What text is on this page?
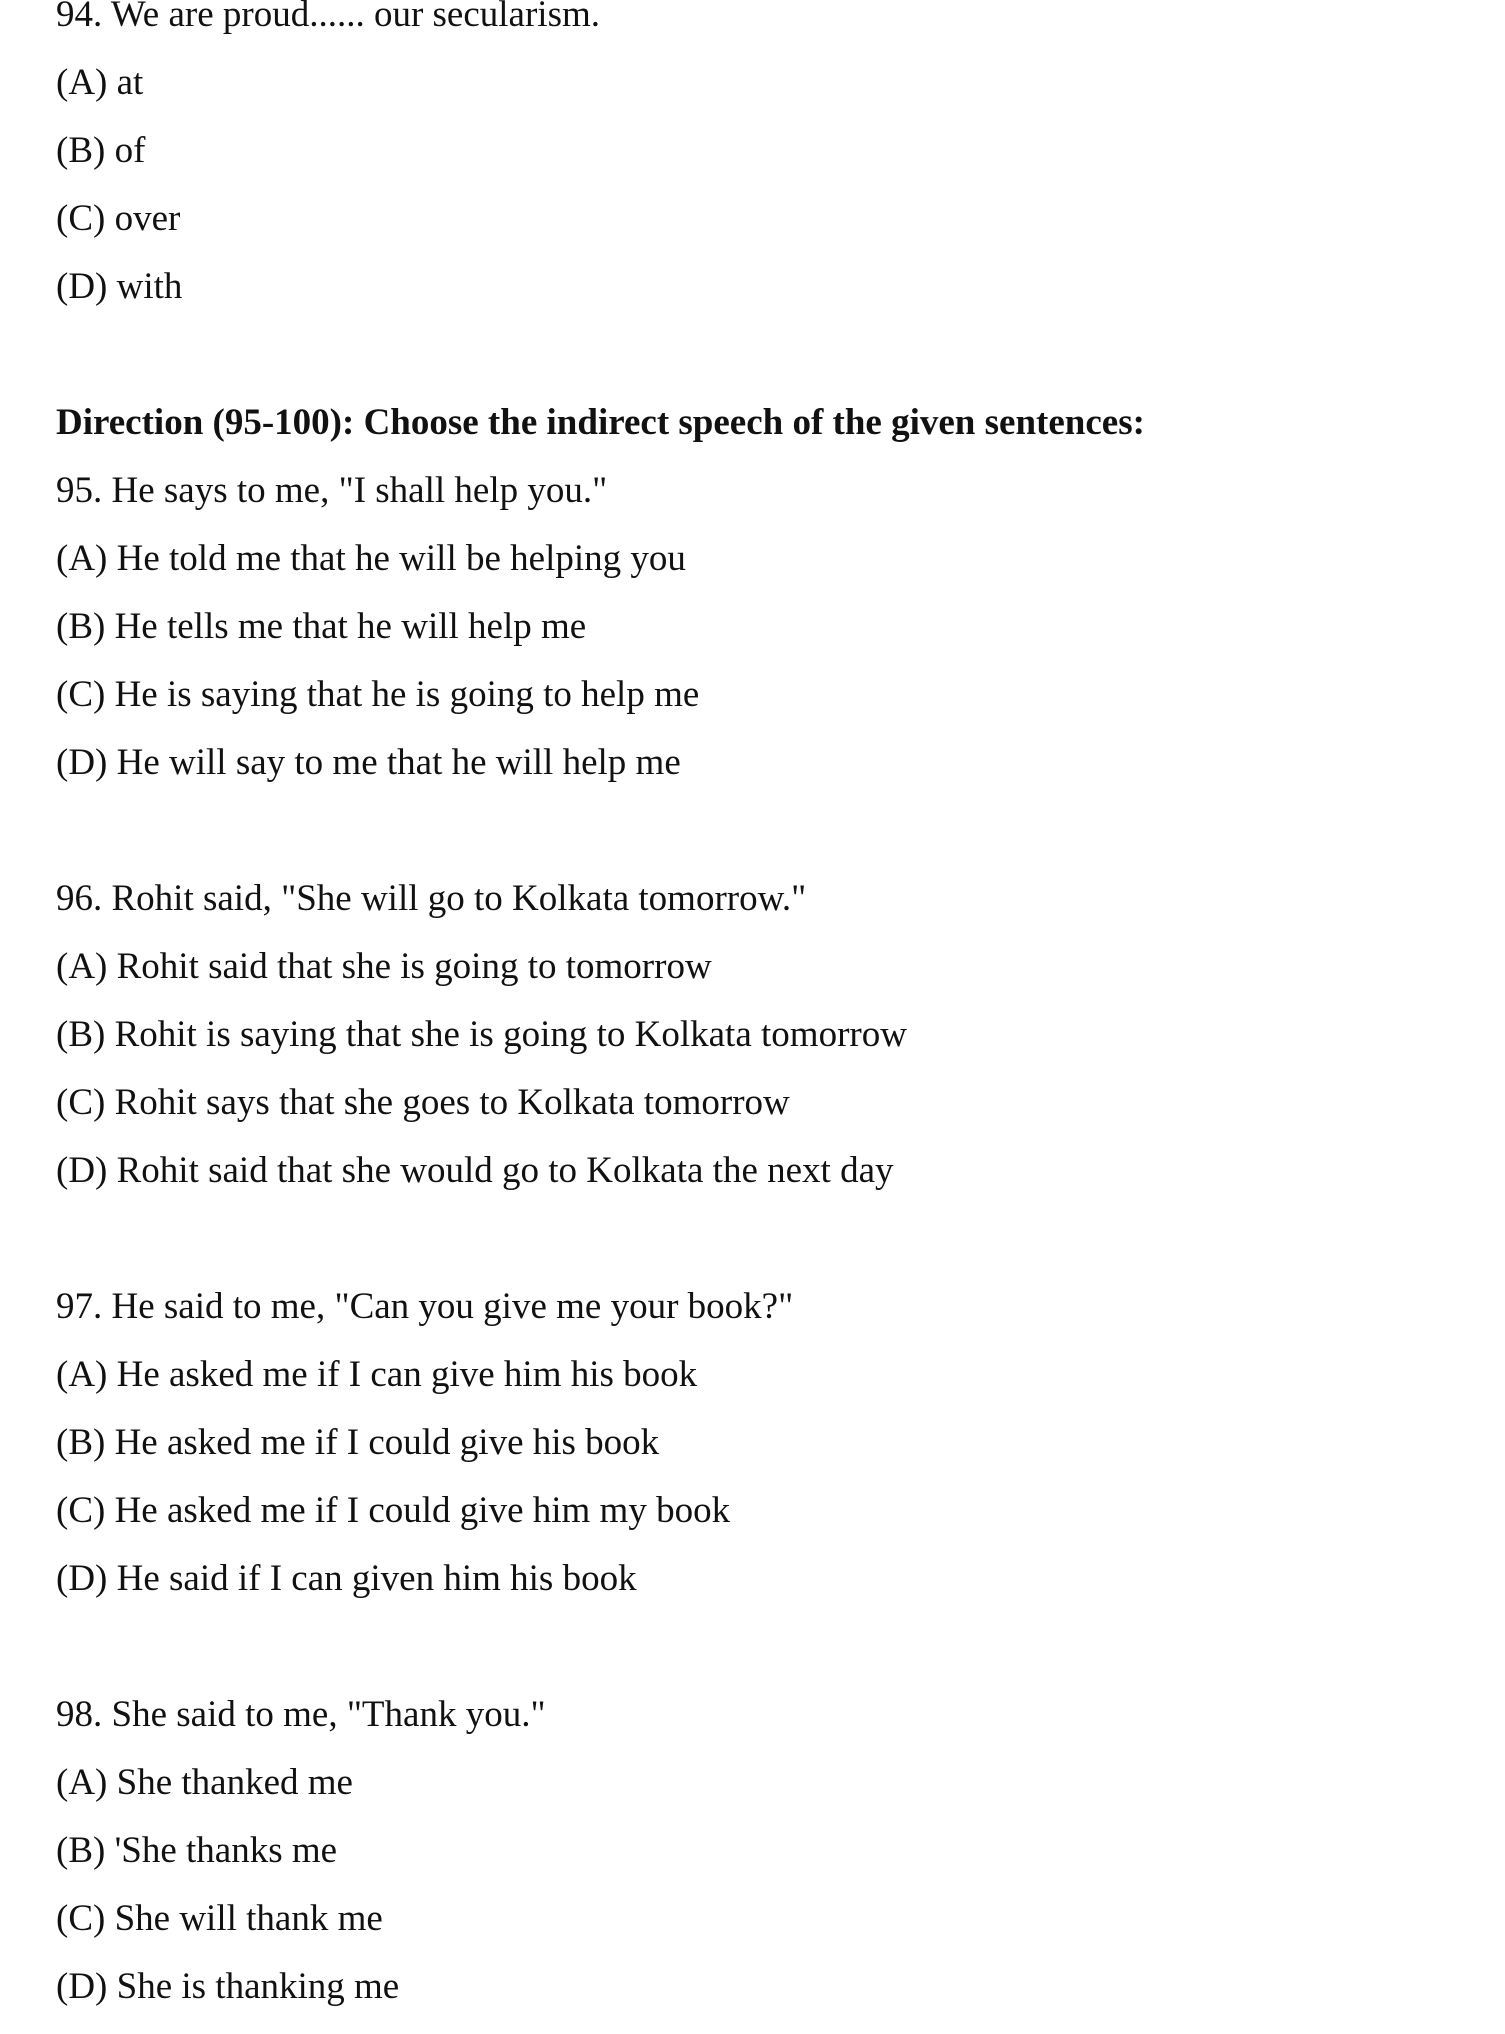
94. We are proud...... our secularism.
(A) at
(B) of
(C) over
(D) with
Direction (95-100): Choose the indirect speech of the given sentences:
95. He says to me, "I shall help you."
(A) He told me that he will be helping you
(B) He tells me that he will help me
(C) He is saying that he is going to help me
(D) He will say to me that he will help me
96. Rohit said, "She will go to Kolkata tomorrow."
(A) Rohit said that she is going to tomorrow
(B) Rohit is saying that she is going to Kolkata tomorrow
(C) Rohit says that she goes to Kolkata tomorrow
(D) Rohit said that she would go to Kolkata the next day
97. He said to me, "Can you give me your book?"
(A) He asked me if I can give him his book
(B) He asked me if I could give his book
(C) He asked me if I could give him my book
(D) He said if I can given him his book
98. She said to me, "Thank you."
(A) She thanked me
(B) 'She thanks me
(C) She will thank me
(D) She is thanking me
